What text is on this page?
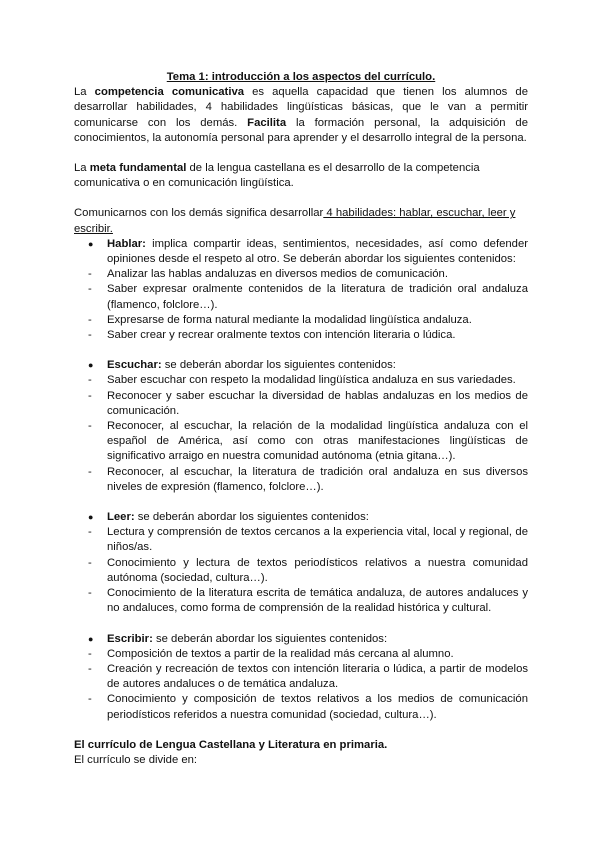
Tema 1: introducción a los aspectos del currículo.

La competencia comunicativa es aquella capacidad que tienen los alumnos de desarrollar habilidades, 4 habilidades lingüísticas básicas, que le van a permitir comunicarse con los demás. Facilita la formación personal, la adquisición de conocimientos, la autonomía personal para aprender y el desarrollo integral de la persona.

La meta fundamental de la lengua castellana es el desarrollo de la competencia comunicativa o en comunicación lingüística.

Comunicarnos con los demás significa desarrollar 4 habilidades: hablar, escuchar, leer y escribir.

● Hablar: implica compartir ideas, sentimientos, necesidades, así como defender opiniones desde el respeto al otro. Se deberán abordar los siguientes contenidos:

- Analizar las hablas andaluzas en diversos medios de comunicación.
- Saber expresar oralmente contenidos de la literatura de tradición oral andaluza (flamenco, folclore…).
- Expresarse de forma natural mediante la modalidad lingüística andaluza.
- Saber crear y recrear oralmente textos con intención literaria o lúdica.

● Escuchar: se deberán abordar los siguientes contenidos:

- Saber escuchar con respeto la modalidad lingüística andaluza en sus variedades.
- Reconocer y saber escuchar la diversidad de hablas andaluzas en los medios de comunicación.
- Reconocer, al escuchar, la relación de la modalidad lingüística andaluza con el español de América, así como con otras manifestaciones lingüísticas de significativo arraigo en nuestra comunidad autónoma (etnia gitana…).
- Reconocer, al escuchar, la literatura de tradición oral andaluza en sus diversos niveles de expresión (flamenco, folclore…).

● Leer: se deberán abordar los siguientes contenidos:

- Lectura y comprensión de textos cercanos a la experiencia vital, local y regional, de niños/as.
- Conocimiento y lectura de textos periodísticos relativos a nuestra comunidad autónoma (sociedad, cultura…).
- Conocimiento de la literatura escrita de temática andaluza, de autores andaluces y no andaluces, como forma de comprensión de la realidad histórica y cultural.

● Escribir: se deberán abordar los siguientes contenidos:

- Composición de textos a partir de la realidad más cercana al alumno.
- Creación y recreación de textos con intención literaria o lúdica, a partir de modelos de autores andaluces o de temática andaluza.
- Conocimiento y composición de textos relativos a los medios de comunicación periodísticos referidos a nuestra comunidad (sociedad, cultura…).
El currículo de Lengua Castellana y Literatura en primaria.

El currículo se divide en:
